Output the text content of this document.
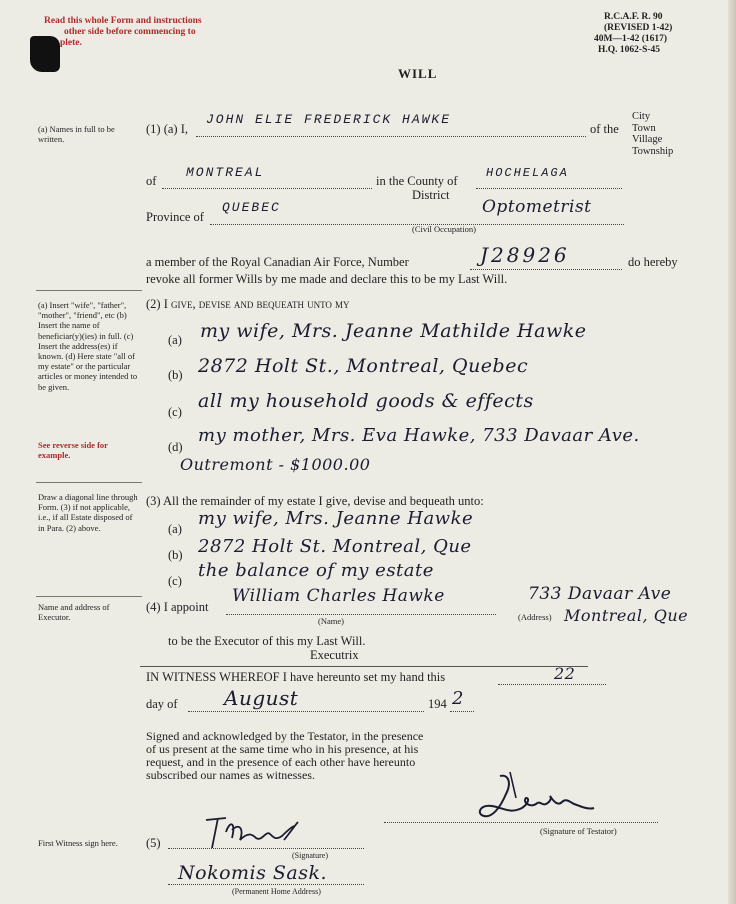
Read this whole Form and instructions
other side before commencing to
plete.
R.C.A.F. R. 90
(REVISED 1-42)
40M—1-42 (1617)
H.Q. 1062-S-45
WILL
(a) Names in full to be written.
(1) (a) I,
JOHN ELIE FREDERICK HAWKE
of the
City
Town
Village
Township
of
MONTREAL
in the County of
HOCHELAGA
District
Province of
QUEBEC	Optometrist
(Civil Occupation)
a member of the Royal Canadian Air Force, Number	J28926	do hereby
revoke all former Wills by me made and declare this to be my Last Will.
(a) Insert "wife", "father", "mother", "friend", etc (b) Insert the name of beneficiar(y)(ies) in full. (c) Insert the address(es) if known. (d) Here state "all of my estate" or the particular articles or money intended to be given.
See reverse side for example.
(2) I give, devise and bequeath unto my
(a) my wife, Mrs. Jeanne Mathilde Hawke
(b) 2872 Holt St., Montreal, Quebec
(c) all my household goods & effects
(d)
my mother, Mrs. Eva Hawke, 733 Davaar Ave.
Outremont - $1000.00
Draw a diagonal line through Form. (3) if not applicable, i.e., if all Estate disposed of in Para. (2) above.
(3) All the remainder of my estate I give, devise and bequeath unto:
(a) my wife, Mrs. Jeanne Hawke
(b) 2872 Holt St. Montreal, Que
(c) the balance of my estate
Name and address of Executor.
(4) I appoint
William Charles Hawke	733 Davaar Ave
Montreal, Que
(Name)	(Address)
to be the Executor of this my Last Will.
Executrix
IN WITNESS WHEREOF I have hereunto set my hand this	22
day of August	194 2
Signed and acknowledged by the Testator, in the presence of us present at the same time who in his presence, at his request, and in the presence of each other have hereunto subscribed our names as witnesses.
(Signature of Testator)
First Witness sign here.	(5)
(Signature)
Nokomis Sask.
(Permanent Home Address)
